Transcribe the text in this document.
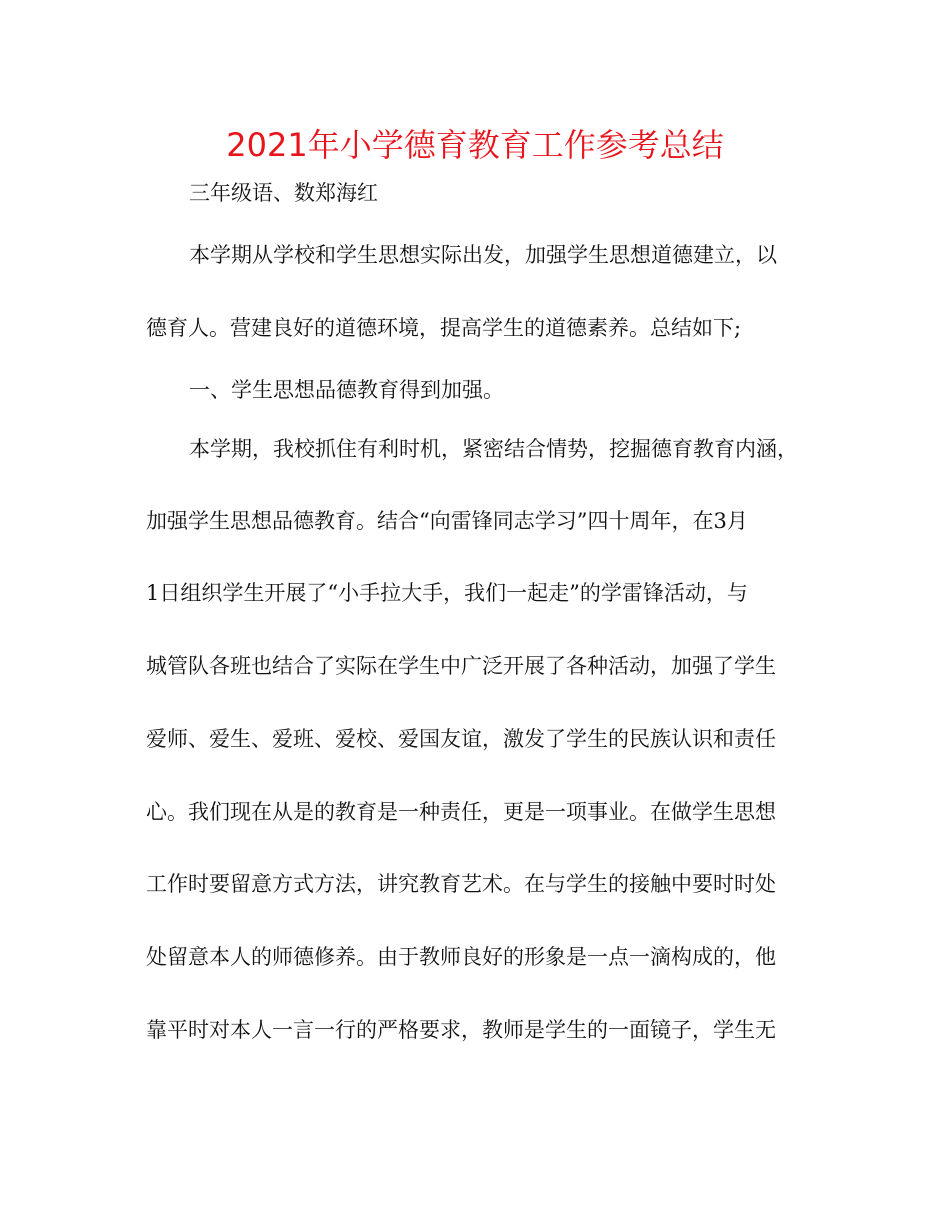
2021年小学德育教育工作参考总结
三年级语、数郑海红
本学期从学校和学生思想实际出发，加强学生思想道德建立，以
德育人。营建良好的道德环境，提高学生的道德素养。总结如下;
一、学生思想品德教育得到加强。
本学期，我校抓住有利时机，紧密结合情势，挖掘德育教育内涵，
加强学生思想品德教育。结合“向雷锋同志学习”四十周年，在3月
1日组织学生开展了“小手拉大手，我们一起走”的学雷锋活动，与
城管队各班也结合了实际在学生中广泛开展了各种活动，加强了学生
爱师、爱生、爱班、爱校、爱国友谊，激发了学生的民族认识和责任
心。我们现在从是的教育是一种责任，更是一项事业。在做学生思想
工作时要留意方式方法，讲究教育艺术。在与学生的接触中要时时处
处留意本人的师德修养。由于教师良好的形象是一点一滴构成的，他
靠平时对本人一言一行的严格要求，教师是学生的一面镜子，学生无
